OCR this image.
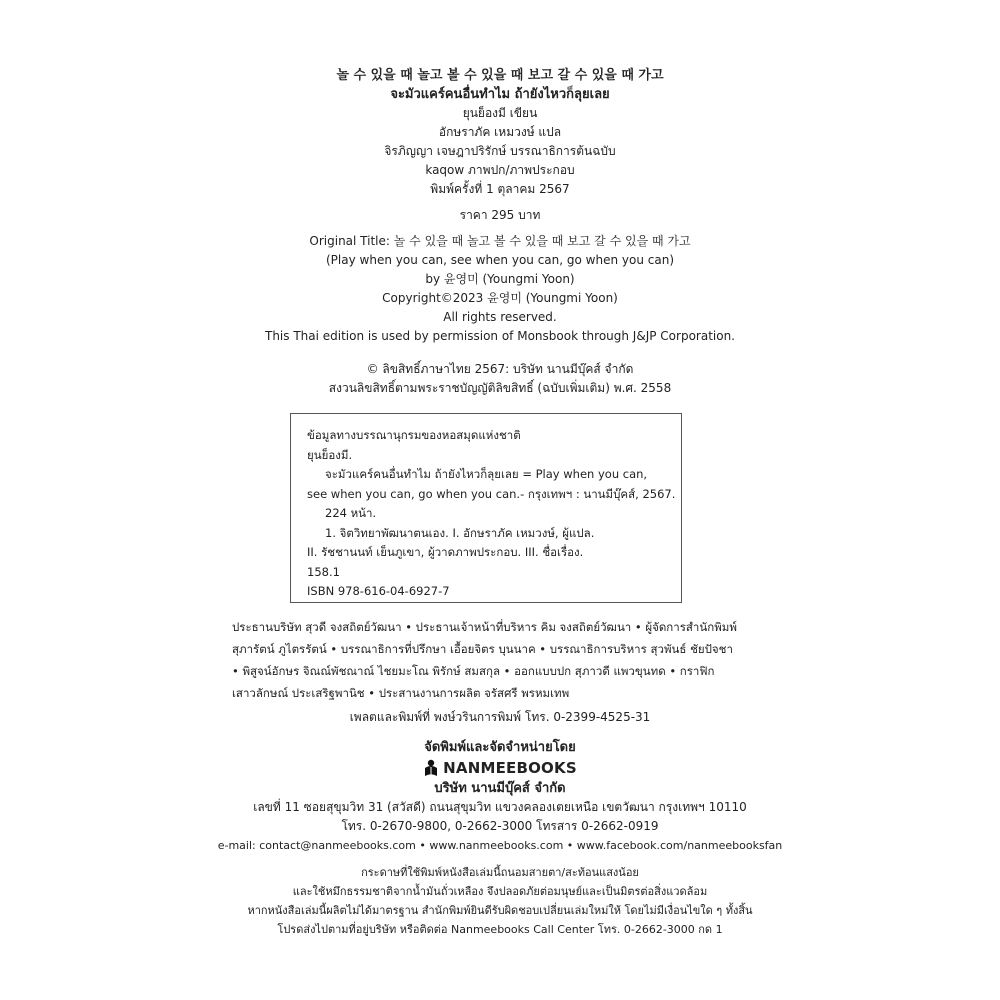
놀 수 있을 때 놀고 볼 수 있을 때 보고 갈 수 있을 때 가고
จะมัวแคร์คนอื่นทำไม ถ้ายังไหวก็ลุยเลย
ยุนย็องมี เขียน
อักษราภัค เหมวงษ์ แปล
จิรภิญญา เจษฎาปริรักษ์ บรรณาธิการต้นฉบับ
kaqow ภาพปก/ภาพประกอบ
พิมพ์ครั้งที่ 1 ตุลาคม 2567
ราคา 295 บาท
Original Title: 놀 수 있을 때 놀고 볼 수 있을 때 보고 갈 수 있을 때 가고
(Play when you can, see when you can, go when you can)
by 윤영미 (Youngmi Yoon)
Copyright©2023 윤영미 (Youngmi Yoon)
All rights reserved.
This Thai edition is used by permission of Monsbook through J&JP Corporation.
© ลิขสิทธิ์ภาษาไทย 2567: บริษัท นานมีบุ๊คส์ จำกัด
สงวนลิขสิทธิ์ตามพระราชบัญญัติลิขสิทธิ์ (ฉบับเพิ่มเติม) พ.ศ. 2558
ข้อมูลทางบรรณานุกรมของหอสมุดแห่งชาติ
ยุนย็องมี.
จะมัวแคร์คนอื่นทำไม ถ้ายังไหวก็ลุยเลย = Play when you can,
see when you can, go when you can.- กรุงเทพฯ : นานมีบุ๊คส์, 2567.
224 หน้า.
1. จิตวิทยาพัฒนาตนเอง. I. อักษราภัค เหมวงษ์, ผู้แปล.
II. รัชชานนท์ เย็นภูเขา, ผู้วาดภาพประกอบ. III. ชื่อเรื่อง.
158.1
ISBN 978-616-04-6927-7
ประธานบริษัท สุวดี จงสถิตย์วัฒนา • ประธานเจ้าหน้าที่บริหาร คิม จงสถิตย์วัฒนา • ผู้จัดการสำนักพิมพ์
สุภารัตน์ ภูไตรรัตน์ • บรรณาธิการที่ปรึกษา เอื้อยจิตร บุนนาค • บรรณาธิการบริหาร สุวพันธ์ ชัยปัจชา
• พิสูจน์อักษร จิณณ์พัชณาณ์ ไชยมะโณ พิรักษ์ สมสกุล • ออกแบบปก สุภาวดี แพวขุนทด • กราฟิก
เสาวลักษณ์ ประเสริฐพานิช • ประสานงานการผลิต จรัสศรี พรหมเทพ
เพลตและพิมพ์ที่ พงษ์วรินการพิมพ์ โทร. 0-2399-4525-31
จัดพิมพ์และจัดจำหน่ายโดย
NANMEEBOOKS
บริษัท นานมีบุ๊คส์ จำกัด
เลขที่ 11 ซอยสุขุมวิท 31 (สวัสดี) ถนนสุขุมวิท แขวงคลองเตยเหนือ เขตวัฒนา กรุงเทพฯ 10110
โทร. 0-2670-9800, 0-2662-3000 โทรสาร 0-2662-0919
e-mail: contact@nanmeebooks.com • www.nanmeebooks.com • www.facebook.com/nanmeebooksfan
กระดาษที่ใช้พิมพ์หนังสือเล่มนี้ถนอมสายตา/สะท้อนแสงน้อย
และใช้หมึกธรรมชาติจากน้ำมันถั่วเหลือง จึงปลอดภัยต่อมนุษย์และเป็นมิตรต่อสิ่งแวดล้อม
หากหนังสือเล่มนี้ผลิตไม่ได้มาตรฐาน สำนักพิมพ์ยินดีรับผิดชอบเปลี่ยนเล่มใหม่ให้ โดยไม่มีเงื่อนไขใด ๆ ทั้งสิ้น
โปรดส่งไปตามที่อยู่บริษัท หรือติดต่อ Nanmeebooks Call Center โทร. 0-2662-3000 กด 1
